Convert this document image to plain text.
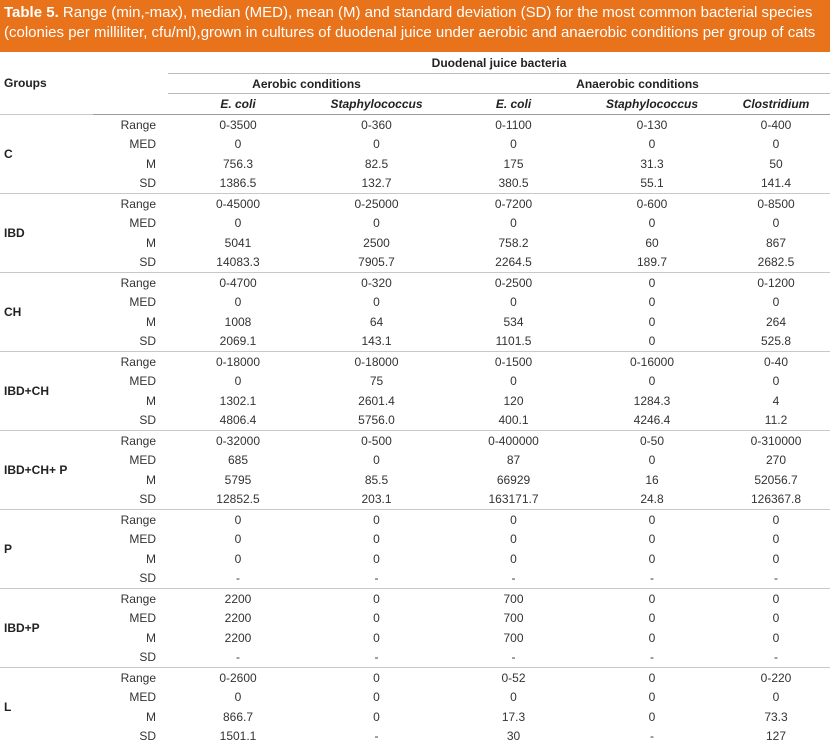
Table 5. Range (min,-max), median (MED), mean (M) and standard deviation (SD) for the most common bacterial species (colonies per milliliter, cfu/ml),grown in cultures of duodenal juice under aerobic and anaerobic conditions per group of cats
Groups		Duodenal juice bacteria				
		Aerobic conditions		Anaerobic conditions		
		E. coli	Staphylococcus	E. coli	Staphylococcus	Clostridium
C	Range	0-3500	0-360	0-1100	0-130	0-400
	MED	0	0	0	0	0
	M	756.3	82.5	175	31.3	50
	SD	1386.5	132.7	380.5	55.1	141.4
IBD	Range	0-45000	0-25000	0-7200	0-600	0-8500
	MED	0	0	0	0	0
	M	5041	2500	758.2	60	867
	SD	14083.3	7905.7	2264.5	189.7	2682.5
CH	Range	0-4700	0-320	0-2500	0	0-1200
	MED	0	0	0	0	0
	M	1008	64	534	0	264
	SD	2069.1	143.1	1101.5	0	525.8
IBD+CH	Range	0-18000	0-18000	0-1500	0-16000	0-40
	MED	0	75	0	0	0
	M	1302.1	2601.4	120	1284.3	4
	SD	4806.4	5756.0	400.1	4246.4	11.2
IBD+CH+ P	Range	0-32000	0-500	0-400000	0-50	0-310000
	MED	685	0	87	0	270
	M	5795	85.5	66929	16	52056.7
	SD	12852.5	203.1	163171.7	24.8	126367.8
P	Range	0	0	0	0	0
	MED	0	0	0	0	0
	M	0	0	0	0	0
	SD	-	-	-	-	-
IBD+P	Range	2200	0	700	0	0
	MED	2200	0	700	0	0
	M	2200	0	700	0	0
	SD	-	-	-	-	-
L	Range	0-2600	0	0-52	0	0-220
	MED	0	0	0	0	0
	M	866.7	0	17.3	0	73.3
	SD	1501.1	-	30	-	127
